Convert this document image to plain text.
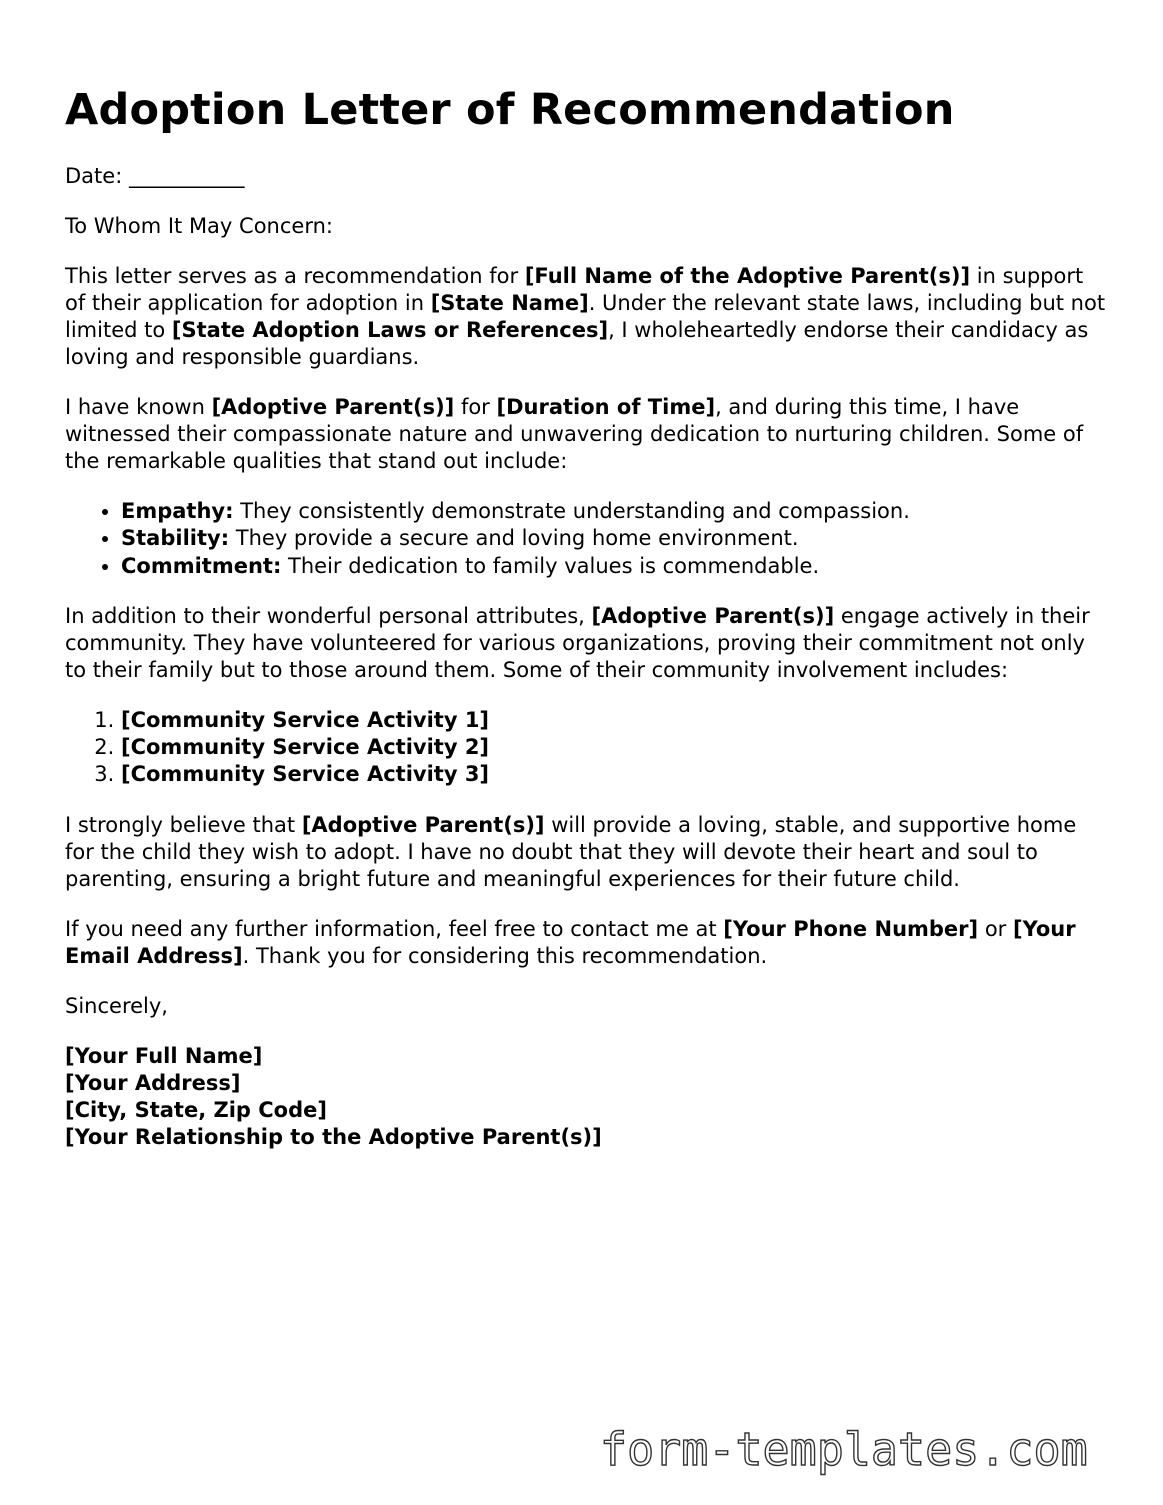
Adoption Letter of Recommendation

Date: ___________

To Whom It May Concern:

This letter serves as a recommendation for [Full Name of the Adoptive Parent(s)] in support of their application for adoption in [State Name]. Under the relevant state laws, including but not limited to [State Adoption Laws or References], I wholeheartedly endorse their candidacy as loving and responsible guardians.

I have known [Adoptive Parent(s)] for [Duration of Time], and during this time, I have witnessed their compassionate nature and unwavering dedication to nurturing children. Some of the remarkable qualities that stand out include:

• Empathy: They consistently demonstrate understanding and compassion.
• Stability: They provide a secure and loving home environment.
• Commitment: Their dedication to family values is commendable.

In addition to their wonderful personal attributes, [Adoptive Parent(s)] engage actively in their community. They have volunteered for various organizations, proving their commitment not only to their family but to those around them. Some of their community involvement includes:

1. [Community Service Activity 1]
2. [Community Service Activity 2]
3. [Community Service Activity 3]

I strongly believe that [Adoptive Parent(s)] will provide a loving, stable, and supportive home for the child they wish to adopt. I have no doubt that they will devote their heart and soul to parenting, ensuring a bright future and meaningful experiences for their future child.

If you need any further information, feel free to contact me at [Your Phone Number] or [Your Email Address]. Thank you for considering this recommendation.

Sincerely,

[Your Full Name]

[Your Address]

[City, State, Zip Code]

[Your Relationship to the Adoptive Parent(s)]

form-templates.com
